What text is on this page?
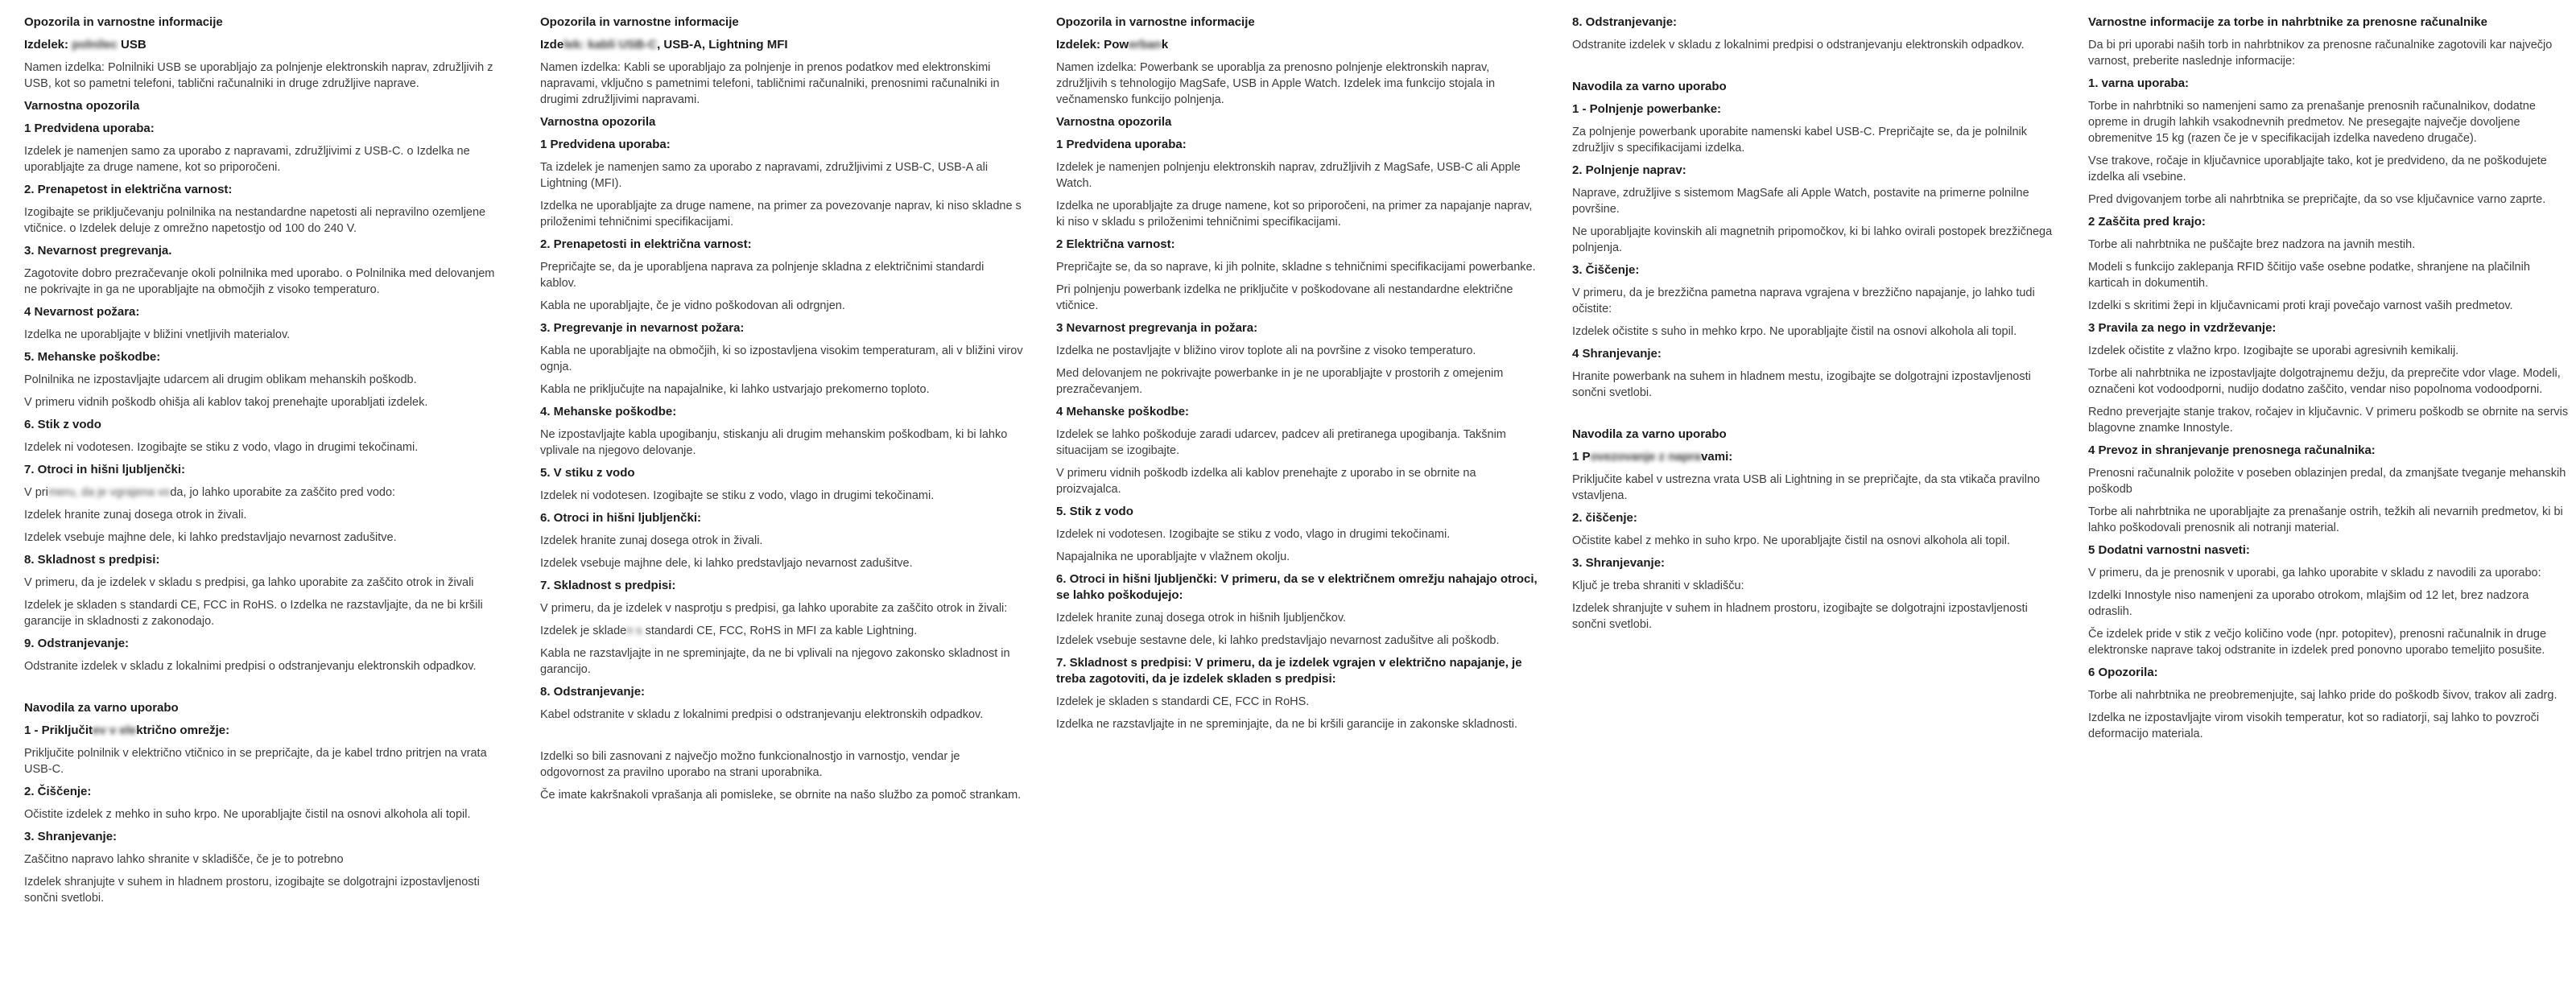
Opozorila in varnostne informacije
Izdelek: polnilec USB
Namen izdelka: Polnilniki USB se uporabljajo za polnjenje elektronskih naprav, združljivih z USB, kot so pametni telefoni, tablični računalniki in druge združljive naprave.
Varnostna opozorila
1 Predvidena uporaba:
Izdelek je namenjen samo za uporabo z napravami, združljivimi z USB-C. o Izdelka ne uporabljajte za druge namene, kot so priporočeni.
2. Prenapetost in električna varnost:
Izogibajte se priključevanju polnilnika na nestandardne napetosti ali nepravilno ozemljene vtičnice. o Izdelek deluje z omrežno napetostjo od 100 do 240 V.
3. Nevarnost pregrevanja.
Zagotovite dobro prezračevanje okoli polnilnika med uporabo. o Polnilnika med delovanjem ne pokrivajte in ga ne uporabljajte na območjih z visoko temperaturo.
4 Nevarnost požara:
Izdelka ne uporabljajte v bližini vnetljivih materialov.
5. Mehanske poškodbe:
Polnilnika ne izpostavljajte udarcem ali drugim oblikam mehanskih poškodb.
V primeru vidnih poškodb ohišja ali kablov takoj prenehajte uporabljati izdelek.
6. Stik z vodo
Izdelek ni vodotesen. Izogibajte se stiku z vodo, vlago in drugimi tekočinami.
7. Otroci in hišni ljubljenčki:
V primeru, da je vgrajena voda, jo lahko uporabite za zaščito pred vodo:
Izdelek hranite zunaj dosega otrok in živali.
Izdelek vsebuje majhne dele, ki lahko predstavljajo nevarnost zadušitve.
8. Skladnost s predpisi:
V primeru, da je izdelek v skladu s predpisi, ga lahko uporabite za zaščito otrok in živali
Izdelek je skladen s standardi CE, FCC in RoHS. o Izdelka ne razstavljajte, da ne bi kršili garancije in skladnosti z zakonodajo.
9. Odstranjevanje:
Odstranite izdelek v skladu z lokalnimi predpisi o odstranjevanju elektronskih odpadkov.
Navodila za varno uporabo
1 - Priključitev v električno omrežje:
Priključite polnilnik v električno vtičnico in se prepričajte, da je kabel trdno pritrjen na vrata USB-C.
2. Čiščenje:
Očistite izdelek z mehko in suho krpo. Ne uporabljajte čistil na osnovi alkohola ali topil.
3. Shranjevanje:
Zaščitno napravo lahko shranite v skladišče, če je to potrebno
Izdelek shranjujte v suhem in hladnem prostoru, izogibajte se dolgotrajni izpostavljenosti sončni svetlobi.
Opozorila in varnostne informacije
Izdelek: kabli USB-C, USB-A, Lightning MFI
Namen izdelka: Kabli se uporabljajo za polnjenje in prenos podatkov med elektronskimi napravami, vključno s pametnimi telefoni, tabličnimi računalniki, prenosnimi računalniki in drugimi združljivimi napravami.
Varnostna opozorila
1 Predvidena uporaba:
Ta izdelek je namenjen samo za uporabo z napravami, združljivimi z USB-C, USB-A ali Lightning (MFI).
Izdelka ne uporabljajte za druge namene, na primer za povezovanje naprav, ki niso skladne s priloženimi tehničnimi specifikacijami.
2. Prenapetosti in električna varnost:
Prepričajte se, da je uporabljena naprava za polnjenje skladna z električnimi standardi kablov.
Kabla ne uporabljajte, če je vidno poškodovan ali odrgnjen.
3. Pregrevanje in nevarnost požara:
Kabla ne uporabljajte na območjih, ki so izpostavljena visokim temperaturam, ali v bližini virov ognja.
Kabla ne priključujte na napajalnike, ki lahko ustvarjajo prekomerno toploto.
4. Mehanske poškodbe:
Ne izpostavljajte kabla upogibanju, stiskanju ali drugim mehanskim poškodbam, ki bi lahko vplivale na njegovo delovanje.
5. V stiku z vodo
Izdelek ni vodotesen. Izogibajte se stiku z vodo, vlago in drugimi tekočinami.
6. Otroci in hišni ljubljenčki:
Izdelek hranite zunaj dosega otrok in živali.
Izdelek vsebuje majhne dele, ki lahko predstavljajo nevarnost zadušitve.
7. Skladnost s predpisi:
V primeru, da je izdelek v nasprotju s predpisi, ga lahko uporabite za zaščito otrok in živali:
Izdelek je skladen s standardi CE, FCC, RoHS in MFI za kable Lightning.
Kabla ne razstavljajte in ne spreminjajte, da ne bi vplivali na njegovo zakonsko skladnost in garancijo.
8. Odstranjevanje:
Kabel odstranite v skladu z lokalnimi predpisi o odstranjevanju elektronskih odpadkov.
Izdelki so bili zasnovani z največjo možno funkcionalnostjo in varnostjo, vendar je odgovornost za pravilno uporabo na strani uporabnika.
Če imate kakršnakoli vprašanja ali pomisleke, se obrnite na našo službo za pomoč strankam.
Opozorila in varnostne informacije
Izdelek: Powerbank
Namen izdelka: Powerbank se uporablja za prenosno polnjenje elektronskih naprav, združljivih s tehnologijo MagSafe, USB in Apple Watch. Izdelek ima funkcijo stojala in večnamensko funkcijo polnjenja.
Varnostna opozorila
1 Predvidena uporaba:
Izdelek je namenjen polnjenju elektronskih naprav, združljivih z MagSafe, USB-C ali Apple Watch.
Izdelka ne uporabljajte za druge namene, kot so priporočeni, na primer za napajanje naprav, ki niso v skladu s priloženimi tehničnimi specifikacijami.
2 Električna varnost:
Prepričajte se, da so naprave, ki jih polnite, skladne s tehničnimi specifikacijami powerbanke.
Pri polnjenju powerbank izdelka ne priključite v poškodovane ali nestandardne električne vtičnice.
3 Nevarnost pregrevanja in požara:
Izdelka ne postavljajte v bližino virov toplote ali na površine z visoko temperaturo.
Med delovanjem ne pokrivajte powerbanke in je ne uporabljajte v prostorih z omejenim prezračevanjem.
4 Mehanske poškodbe:
Izdelek se lahko poškoduje zaradi udarcev, padcev ali pretiranega upogibanja. Takšnim situacijam se izogibajte.
V primeru vidnih poškodb izdelka ali kablov prenehajte z uporabo in se obrnite na proizvajalca.
5. Stik z vodo
Izdelek ni vodotesen. Izogibajte se stiku z vodo, vlago in drugimi tekočinami.
Napajalnika ne uporabljajte v vlažnem okolju.
6. Otroci in hišni ljubljenčki: V primeru, da se v električnem omrežju nahajajo otroci, se lahko poškodujejo:
Izdelek hranite zunaj dosega otrok in hišnih ljubljenčkov.
Izdelek vsebuje sestavne dele, ki lahko predstavljajo nevarnost zadušitve ali poškodb.
7. Skladnost s predpisi: V primeru, da je izdelek vgrajen v električno napajanje, je treba zagotoviti, da je izdelek skladen s predpisi:
Izdelek je skladen s standardi CE, FCC in RoHS.
Izdelka ne razstavljajte in ne spreminjajte, da ne bi kršili garancije in zakonske skladnosti.
8. Odstranjevanje:
Odstranite izdelek v skladu z lokalnimi predpisi o odstranjevanju elektronskih odpadkov.
Navodila za varno uporabo
1 - Polnjenje powerbanke:
Za polnjenje powerbank uporabite namenski kabel USB-C. Prepričajte se, da je polnilnik združljiv s specifikacijami izdelka.
2. Polnjenje naprav:
Naprave, združljive s sistemom MagSafe ali Apple Watch, postavite na primerne polnilne površine.
Ne uporabljajte kovinskih ali magnetnih pripomočkov, ki bi lahko ovirali postopek brezžičnega polnjenja.
3. Čiščenje:
V primeru, da je brezžična pametna naprava vgrajena v brezžično napajanje, jo lahko tudi očistite:
Izdelek očistite s suho in mehko krpo. Ne uporabljajte čistil na osnovi alkohola ali topil.
4 Shranjevanje:
Hranite powerbank na suhem in hladnem mestu, izogibajte se dolgotrajni izpostavljenosti sončni svetlobi.
Navodila za varno uporabo
1 Povezovanje z napravami:
Priključite kabel v ustrezna vrata USB ali Lightning in se prepričajte, da sta vtikača pravilno vstavljena.
2. čiščenje:
Očistite kabel z mehko in suho krpo. Ne uporabljajte čistil na osnovi alkohola ali topil.
3. Shranjevanje:
Ključ je treba shraniti v skladišču:
Izdelek shranjujte v suhem in hladnem prostoru, izogibajte se dolgotrajni izpostavljenosti sončni svetlobi.
Varnostne informacije za torbe in nahrbtnike za prenosne računalnike
Da bi pri uporabi naših torb in nahrbtnikov za prenosne računalnike zagotovili kar največjo varnost, preberite naslednje informacije:
1. varna uporaba:
Torbe in nahrbtniki so namenjeni samo za prenašanje prenosnih računalnikov, dodatne opreme in drugih lahkih vsakodnevnih predmetov. Ne presegajte največje dovoljene obremenitve 15 kg (razen če je v specifikacijah izdelka navedeno drugače).
Vse trakove, ročaje in ključavnice uporabljajte tako, kot je predvideno, da ne poškodujete izdelka ali vsebine.
Pred dvigovanjem torbe ali nahrbtnika se prepričajte, da so vse ključavnice varno zaprte.
2 Zaščita pred krajo:
Torbe ali nahrbtnika ne puščajte brez nadzora na javnih mestih.
Modeli s funkcijo zaklepanja RFID ščitijo vaše osebne podatke, shranjene na plačilnih karticah in dokumentih.
Izdelki s skritimi žepi in ključavnicami proti kraji povečajo varnost vaših predmetov.
3 Pravila za nego in vzdrževanje:
Izdelek očistite z vlažno krpo. Izogibajte se uporabi agresivnih kemikalij.
Torbe ali nahrbtnika ne izpostavljajte dolgotrajnemu dežju, da preprečite vdor vlage. Modeli, označeni kot vodoodporni, nudijo dodatno zaščito, vendar niso popolnoma vodoodporni.
Redno preverjajte stanje trakov, ročajev in ključavnic. V primeru poškodb se obrnite na servis blagovne znamke Innostyle.
4 Prevoz in shranjevanje prenosnega računalnika:
Prenosni računalnik položite v poseben oblazinjen predal, da zmanjšate tveganje mehanskih poškodb
Torbe ali nahrbtnika ne uporabljajte za prenašanje ostrih, težkih ali nevarnih predmetov, ki bi lahko poškodovali prenosnik ali notranji material.
5 Dodatni varnostni nasveti:
V primeru, da je prenosnik v uporabi, ga lahko uporabite v skladu z navodili za uporabo:
Izdelki Innostyle niso namenjeni za uporabo otrokom, mlajšim od 12 let, brez nadzora odraslih.
Če izdelek pride v stik z večjo količino vode (npr. potopitev), prenosni računalnik in druge elektronske naprave takoj odstranite in izdelek pred ponovno uporabo temeljito posušite.
6 Opozorila:
Torbe ali nahrbtnika ne preobremenjujte, saj lahko pride do poškodb šivov, trakov ali zadrg.
Izdelka ne izpostavljajte virom visokih temperatur, kot so radiatorji, saj lahko to povzroči deformacijo materiala.
